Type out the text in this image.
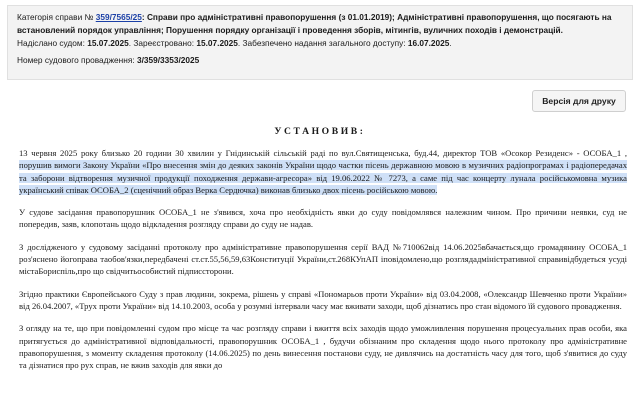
Категорія справи № 359/7565/25: Справи про адміністративні правопорушення (з 01.01.2019); Адміністративні правопорушення, що посягають на
встановлений порядок управління; Порушення порядку організації і проведення зборів, мітингів, вуличних походів і демонстрацій.
Надіслано судом: 15.07.2025. Зареєстровано: 15.07.2025. Забезпечено надання загального доступу: 16.07.2025.
Номер судового провадження: 3/359/3353/2025
Версія для друку
УСТАНОВИВ:

13 червня 2025 року близько 20 години 30 хвилин у Гнідинській сільській раді по вул.Святищенська, буд.44, директор ТОВ «Осокор Резиденс» - ОСОБА_1 , порушив вимоги Закону України «Про внесення змін до деяких законів України щодо частки пісень державною мовою в музичних радіопрограмах і радіопередачах та заборони відтворення музичної продукції походження держави-агресора» від 19.06.2022 № 7273, а саме під час концерту лунала російськомовна музика український співак ОСОБА_2 (сценічний образ Верка Сердючка) виконав близько двох пісень російською мовою.

У судове засідання правопорушник ОСОБА_1 не з'явився, хоча про необхідність явки до суду повідомлявся належним чином. Про причини неявки, суд не попередив, заяв, клопотань щодо відкладення розгляду справи до суду не надав.

З дослідженого у судовому засіданні протоколу про адміністративне правопорушення серії ВАД №710062від 14.06.2025вбачається,що громадянину ОСОБА_1 роз'яснено йогоправа таобов'язки,передбачені ст.ст.55,56,59,63Конституції України,ст.268КУпАП іповідомлено,що розглядадміністративної справивідбудеться усуді містаБориспіль,про що свідчитьособистий підписсторони.

Згідно практики Європейського Суду з прав людини, зокрема, рішень у справі «Пономарьов проти України» від 03.04.2008, «Олександр Шевченко проти України» від 26.04.2007, «Трух проти України» від 14.10.2003, особа у розумні інтервали часу має вживати заходи, щоб дізнатись про стан відомого їй судового провадження.

З огляду на те, що при повідомленні судом про місце та час розгляду справи і вжиття всіх заходів щодо уможливлення порушення процесуальних прав особи, яка притягується до адміністративної відповідальності, правопорушник ОСОБА_1 , будучи обізнаним про складення щодо нього протоколу про адміністративне правопорушення, з моменту складення протоколу (14.06.2025) по день винесення постанови суду, не дивлячись на достатність часу для того, щоб з'явитися до суду та дізнатися про рух справ, не вжив заходів для явки до
